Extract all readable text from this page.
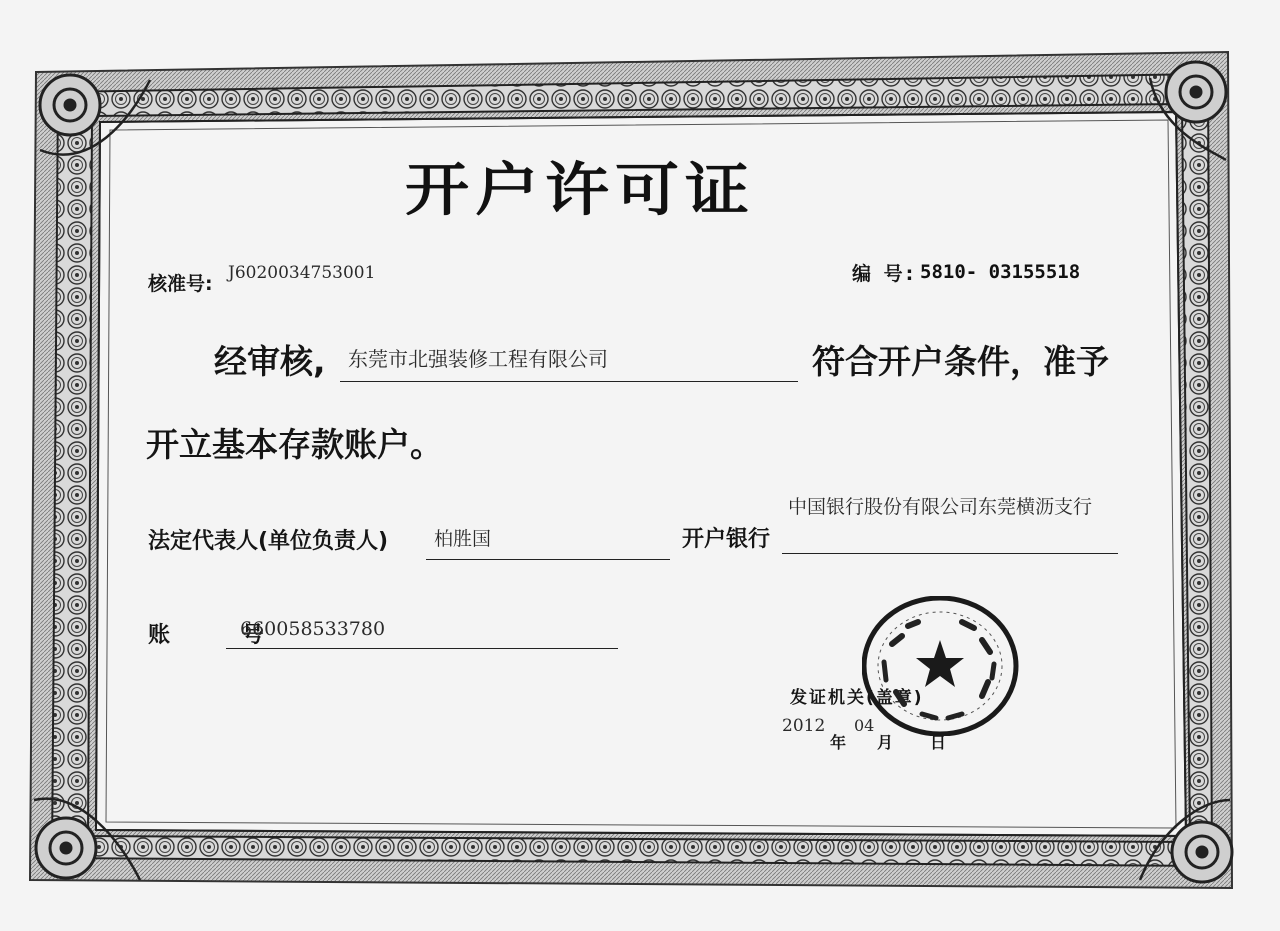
开户许可证
核准号: J6020034753001	编 号: 5810- 03155518
经审核, 东莞市北强装修工程有限公司	符合开户条件，准予
开立基本存款账户。
法定代表人(单位负责人) 柏胜国	开户银行
中国银行股份有限公司东莞横沥支行
账 号
660058533780
发证机关(盖章)
2012
年
04
月 日
